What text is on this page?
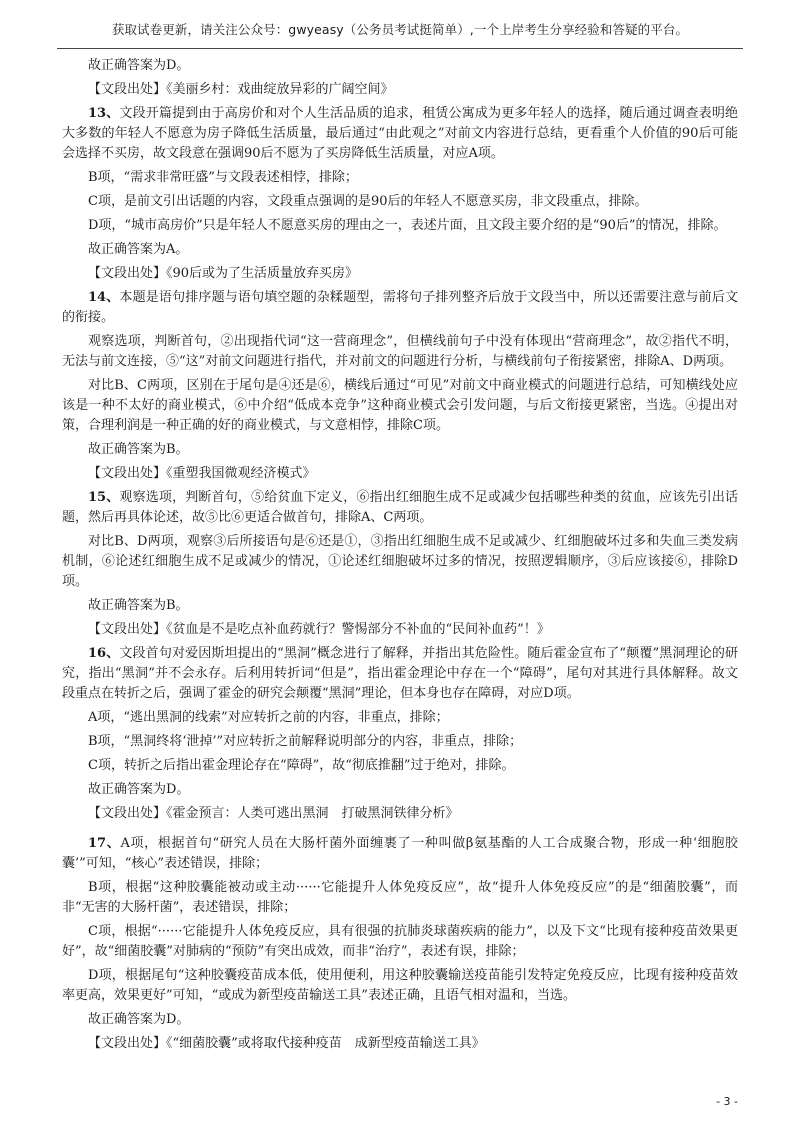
获取试卷更新，请关注公众号：gwyeasy（公务员考试挺简单）,一个上岸考生分享经验和答疑的平台。

故正确答案为D。

【文段出处】《美丽乡村：戏曲绽放异彩的广阔空间》

13、文段开篇提到由于高房价和对个人生活品质的追求，租赁公寓成为更多年轻人的选择，随后通过调查表明绝大多数的年轻人不愿意为房子降低生活质量，最后通过“由此观之”对前文内容进行总结，更看重个人价值的90后可能会选择不买房，故文段意在强调90后不愿为了买房降低生活质量，对应A项。

B项，“需求非常旺盛”与文段表述相悖，排除；

C项，是前文引出话题的内容，文段重点强调的是90后的年轻人不愿意买房，非文段重点，排除。

D项，“城市高房价”只是年轻人不愿意买房的理由之一，表述片面，且文段主要介绍的是“90后”的情况，排除。

故正确答案为A。

【文段出处】《90后或为了生活质量放弃买房》

14、本题是语句排序题与语句填空题的杂糅题型，需将句子排列整齐后放于文段当中，所以还需要注意与前后文的衔接。

观察选项，判断首句，②出现指代词“这一营商理念”，但横线前句子中没有体现出“营商理念”，故②指代不明，无法与前文连接，⑤“这”对前文问题进行指代，并对前文的问题进行分析，与横线前句子衔接紧密，排除A、D两项。

对比B、C两项，区别在于尾句是④还是⑥，横线后通过“可见”对前文中商业模式的问题进行总结，可知横线处应该是一种不太好的商业模式，⑥中介绍“低成本竞争”这种商业模式会引发问题，与后文衔接更紧密，当选。④提出对策，合理利润是一种正确的好的商业模式，与文意相悖，排除C项。

故正确答案为B。

【文段出处】《重塑我国微观经济模式》

15、观察选项，判断首句，⑤给贫血下定义，⑥指出红细胞生成不足或减少包括哪些种类的贫血，应该先引出话题，然后再具体论述，故⑤比⑥更适合做首句，排除A、C两项。

对比B、D两项，观察③后所接语句是⑥还是①，③指出红细胞生成不足或减少、红细胞破坏过多和失血三类发病机制，⑥论述红细胞生成不足或减少的情况，①论述红细胞破坏过多的情况，按照逻辑顺序，③后应该接⑥，排除D项。

故正确答案为B。

【文段出处】《贫血是不是吃点补血药就行？警惕部分不补血的“民间补血药”！》

16、文段首句对爱因斯坦提出的“黑洞”概念进行了解释，并指出其危险性。随后霍金宣布了“颠覆”黑洞理论的研究，指出“黑洞”并不会永存。后利用转折词“但是”，指出霍金理论中存在一个“障碍”，尾句对其进行具体解释。故文段重点在转折之后，强调了霍金的研究会颠覆“黑洞”理论，但本身也存在障碍，对应D项。

A项，“逃出黑洞的线索”对应转折之前的内容，非重点，排除；

B项，“黑洞终将‘泄掉’”对应转折之前解释说明部分的内容，非重点，排除；

C项，转折之后指出霍金理论存在“障碍”，故“彻底推翻”过于绝对，排除。

故正确答案为D。

【文段出处】《霍金预言：人类可逃出黑洞　打破黑洞铁律分析》

17、A项，根据首句“研究人员在大肠杆菌外面缠裹了一种叫做β氨基酯的人工合成聚合物，形成一种‘细胞胶囊’”可知，“核心”表述错误，排除；

B项，根据“这种胶囊能被动或主动······它能提升人体免疫反应”，故“提升人体免疫反应”的是“细菌胶囊”，而非“无害的大肠杆菌”，表述错误，排除；

C项，根据“······它能提升人体免疫反应，具有很强的抗肺炎球菌疾病的能力”，以及下文“比现有接种疫苗效果更好”，故“细菌胶囊”对肺病的“预防”有突出成效，而非“治疗”，表述有误，排除；

D项，根据尾句“这种胶囊疫苗成本低，使用便利，用这种胶囊输送疫苗能引发特定免疫反应，比现有接种疫苗效率更高，效果更好”可知，“或成为新型疫苗输送工具”表述正确，且语气相对温和，当选。

故正确答案为D。

【文段出处】《“细菌胶囊”或将取代接种疫苗　成新型疫苗输送工具》

- 3 -
